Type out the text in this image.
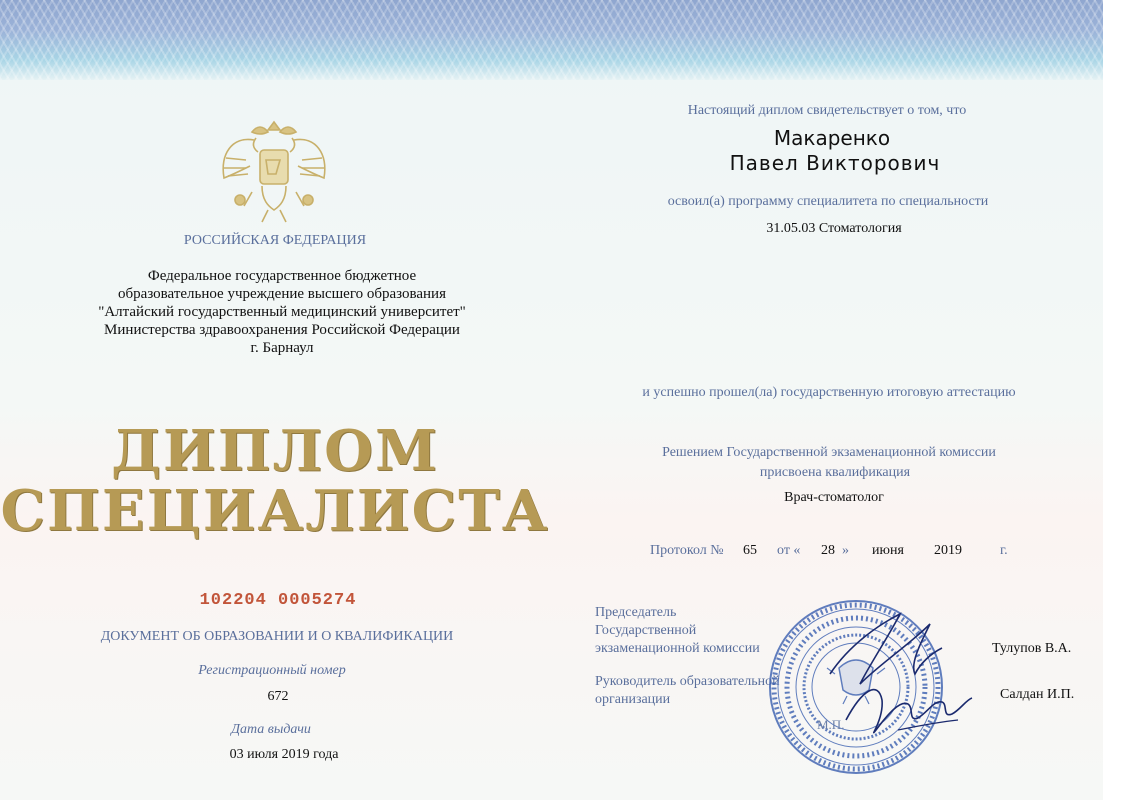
РОССИЙСКАЯ ФЕДЕРАЦИЯ
Федеральное государственное бюджетное
образовательное учреждение высшего образования
"Алтайский государственный медицинский университет"
Министерства здравоохранения Российской Федерации
г. Барнаул
ДИПЛОМ
СПЕЦИАЛИСТА
102204 0005274
ДОКУМЕНТ ОБ ОБРАЗОВАНИИ И О КВАЛИФИКАЦИИ
Регистрационный номер
672
Дата выдачи
03 июля 2019 года
Настоящий диплом свидетельствует о том, что
Макаренко
Павел Викторович
освоил(а) программу специалитета по специальности
31.05.03 Стоматология
и успешно прошел(ла) государственную итоговую аттестацию
Решением Государственной экзаменационной комиссии
присвоена квалификация
Врач-стоматолог
Протокол № 65 от « 28 » июня 2019	г.
Председатель
Государственной
экзаменационной комиссии	Тулупов В.А.
Руководитель образовательной
организации	Салдан И.П.
М.П.
